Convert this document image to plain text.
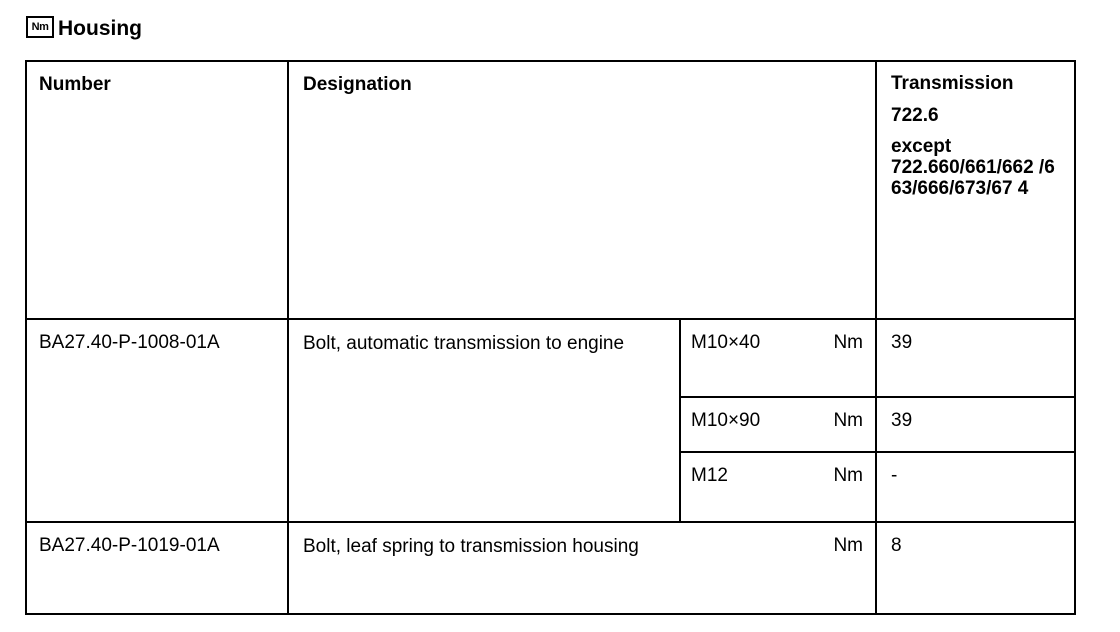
Nm Housing
Number	Designation			Transmission
722.6
except
722.660/661/662 /663/666/673/67 4

BA27.40-P-1008-01A	Bolt, automatic transmission to engine	M10×40	Nm	39
		M10×90	Nm	39
		M12	Nm	-
BA27.40-P-1019-01A	Bolt, leaf spring to transmission housing		Nm	8
